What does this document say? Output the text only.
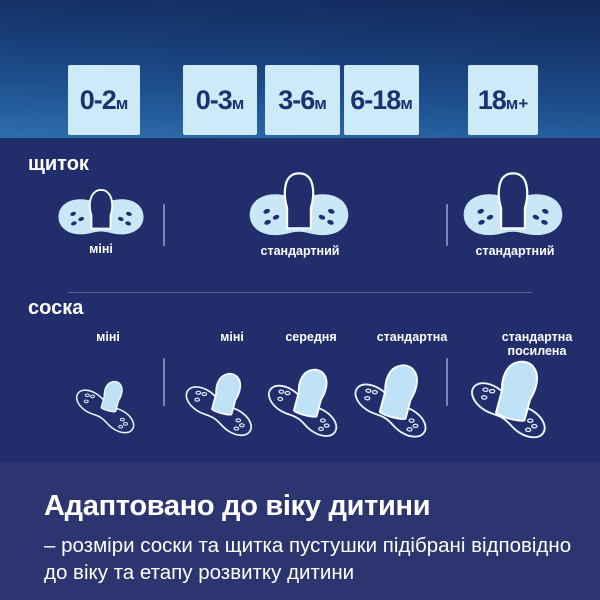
0-2 м 0-3 м 3-6 м 6-18 м 18 м+
щиток
міні	стандартний	стандартний
соска
міні	міні	середня	стандартна	стандартна посилена
Адаптовано до віку дитини
– розміри соски та щитка пустушки підібрані відповідно до віку та етапу розвитку дитини
